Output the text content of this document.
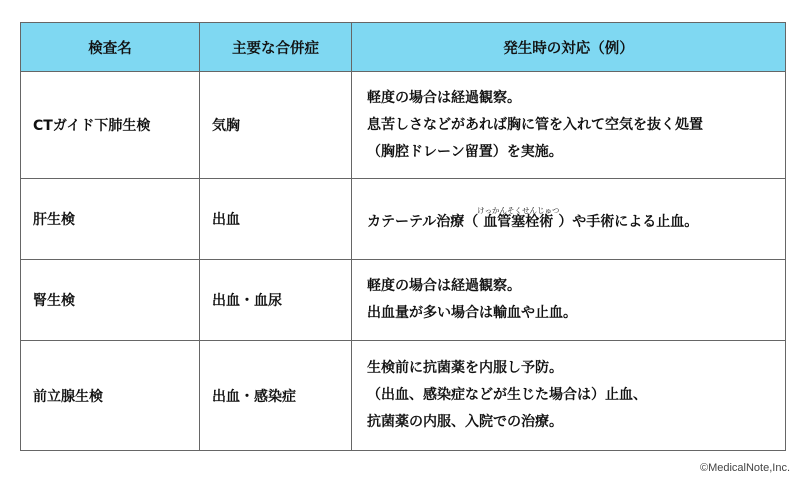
検査名	主要な合併症	発生時の対応（例）
CTガイド下肺生検	気胸	軽度の場合は経過観察。
息苦しさなどがあれば胸に管を入れて空気を抜く処置
（胸腔ドレーン留置）を実施。

肝生検	出血	カテーテル治療（血管塞栓術けっかんそくせんじゅつ）や手術による止血。

腎生検	出血・血尿	軽度の場合は経過観察。
出血量が多い場合は輸血や止血。

前立腺生検	出血・感染症	生検前に抗菌薬を内服し予防。
（出血、感染症などが生じた場合は）止血、
抗菌薬の内服、入院での治療。
©MedicalNote,Inc.
